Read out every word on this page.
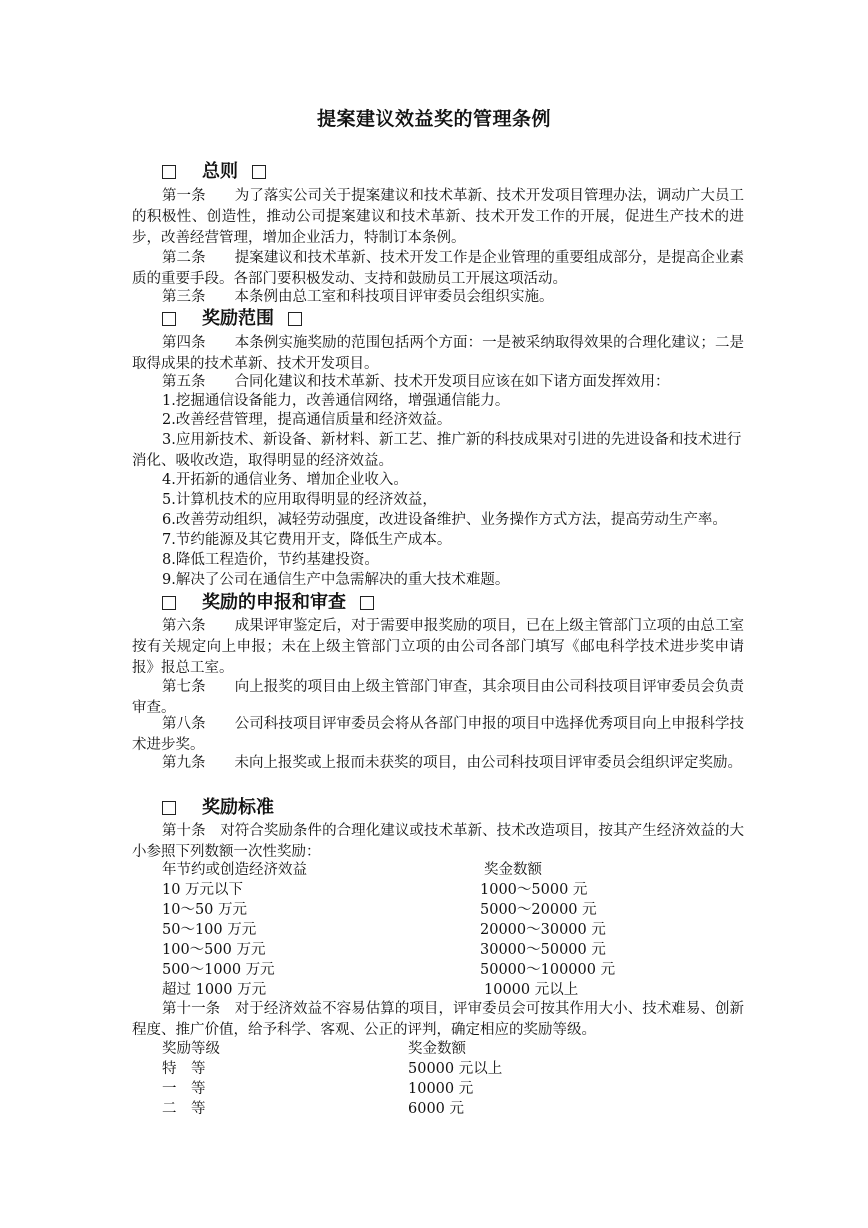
提案建议效益奖的管理条例
总则
第一条　　为了落实公司关于提案建议和技术革新、技术开发项目管理办法，调动广大员工的积极性、创造性，推动公司提案建议和技术革新、技术开发工作的开展，促进生产技术的进步，改善经营管理，增加企业活力，特制订本条例。
第二条　　提案建议和技术革新、技术开发工作是企业管理的重要组成部分，是提高企业素质的重要手段。各部门要积极发动、支持和鼓励员工开展这项活动。
第三条　　本条例由总工室和科技项目评审委员会组织实施。
奖励范围
第四条　　本条例实施奖励的范围包括两个方面：一是被采纳取得效果的合理化建议；二是取得成果的技术革新、技术开发项目。
第五条　　合同化建议和技术革新、技术开发项目应该在如下诸方面发挥效用：
1.挖掘通信设备能力，改善通信网络，增强通信能力。
2.改善经营管理，提高通信质量和经济效益。
3.应用新技术、新设备、新材料、新工艺、推广新的科技成果对引进的先进设备和技术进行消化、吸收改造，取得明显的经济效益。
4.开拓新的通信业务、增加企业收入。
5.计算机技术的应用取得明显的经济效益，
6.改善劳动组织，减轻劳动强度，改进设备维护、业务操作方式方法，提高劳动生产率。
7.节约能源及其它费用开支，降低生产成本。
8.降低工程造价，节约基建投资。
9.解决了公司在通信生产中急需解决的重大技术难题。
奖励的申报和审查
第六条　　成果评审鉴定后，对于需要申报奖励的项目，已在上级主管部门立项的由总工室按有关规定向上申报；未在上级主管部门立项的由公司各部门填写《邮电科学技术进步奖申请报》报总工室。
第七条　　向上报奖的项目由上级主管部门审查，其余项目由公司科技项目评审委员会负责审查。
第八条　　公司科技项目评审委员会将从各部门申报的项目中选择优秀项目向上申报科学技术进步奖。
第九条　　未向上报奖或上报而未获奖的项目，由公司科技项目评审委员会组织评定奖励。
奖励标准
第十条　对符合奖励条件的合理化建议或技术革新、技术改造项目，按其产生经济效益的大小参照下列数额一次性奖励：
年节约或创造经济效益	奖金数额
10 万元以下	1000～5000 元
10～50 万元	5000～20000 元
50～100 万元	20000～30000 元
100～500 万元	30000～50000 元
500～1000 万元	50000～100000 元
超过 1000 万元	10000 元以上
第十一条　对于经济效益不容易估算的项目，评审委员会可按其作用大小、技术难易、创新程度、推广价值，给予科学、客观、公正的评判，确定相应的奖励等级。
奖励等级	奖金数额
特　等	50000 元以上
一　等	10000 元
二　等	6000 元
